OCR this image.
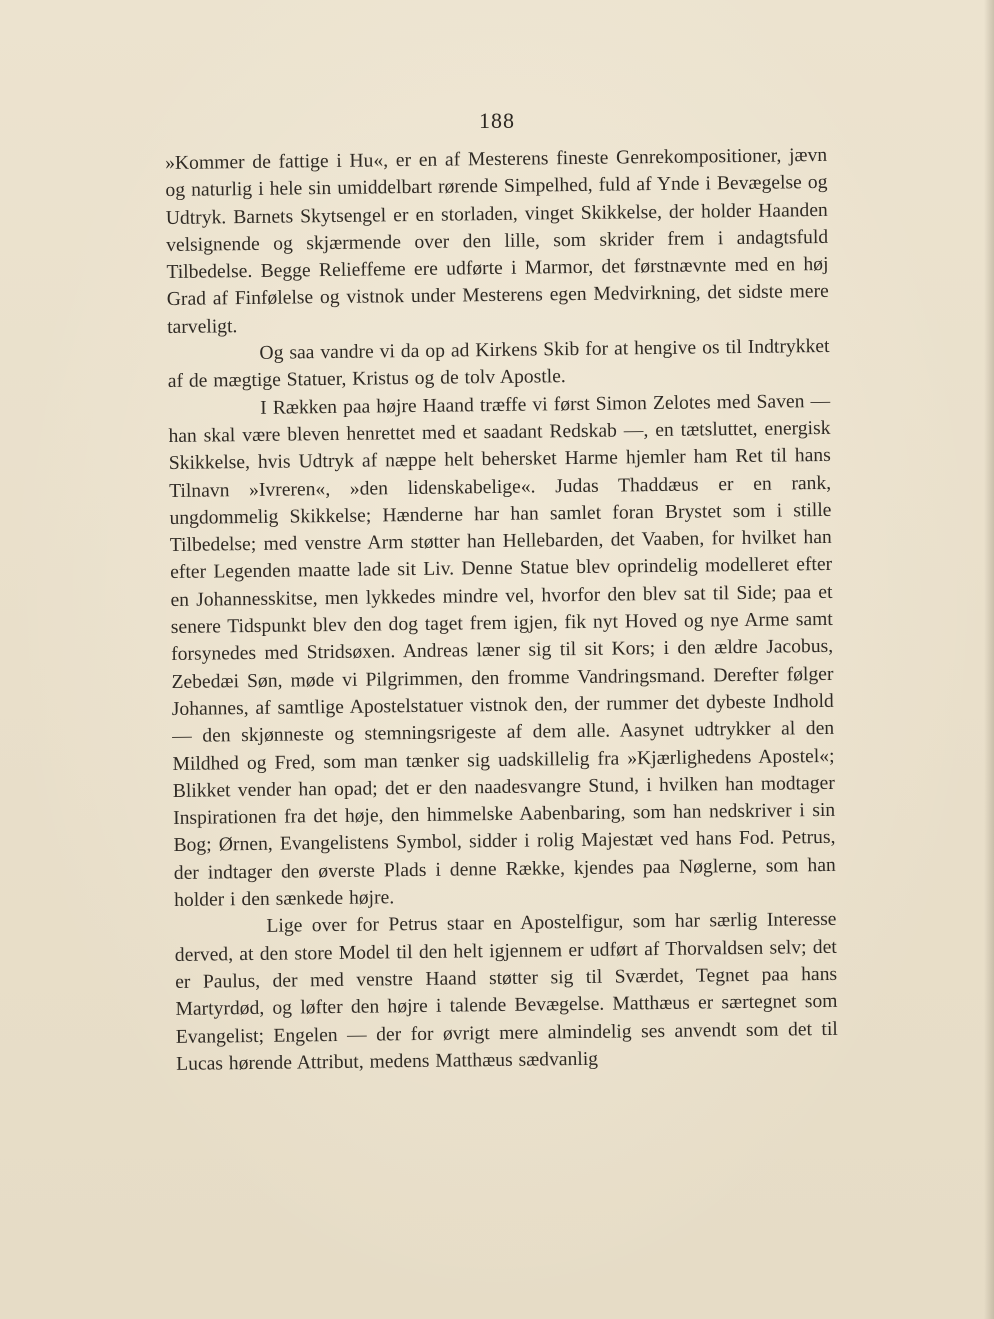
188

»Kommer de fattige i Hu«, er en af Mesterens fineste Genrekompositioner, jævn og naturlig i hele sin umiddelbart rørende Simpelhed, fuld af Ynde i Bevægelse og Udtryk. Barnets Skytsengel er en storladen, vinget Skikkelse, der holder Haanden velsignende og skjærmende over den lille, som skrider frem i andagtsfuld Tilbedelse. Begge Relieffeme ere udførte i Marmor, det førstnævnte med en høj Grad af Finfølelse og vistnok under Mesterens egen Medvirkning, det sidste mere tarveligt.

Og saa vandre vi da op ad Kirkens Skib for at hengive os til Indtrykket af de mægtige Statuer, Kristus og de tolv Apostle.

I Rækken paa højre Haand træffe vi først Simon Zelotes med Saven — han skal være bleven henrettet med et saadant Redskab —, en tætsluttet, energisk Skikkelse, hvis Udtryk af næppe helt behersket Harme hjemler ham Ret til hans Tilnavn »Ivreren«, »den lidenskabelige«. Judas Thaddæus er en rank, ungdommelig Skikkelse; Hænderne har han samlet foran Brystet som i stille Tilbedelse; med venstre Arm støtter han Hellebarden, det Vaaben, for hvilket han efter Legenden maatte lade sit Liv. Denne Statue blev oprindelig modelleret efter en Johannesskitse, men lykkedes mindre vel, hvorfor den blev sat til Side; paa et senere Tidspunkt blev den dog taget frem igjen, fik nyt Hoved og nye Arme samt forsynedes med Stridsøxen. Andreas læner sig til sit Kors; i den ældre Jacobus, Zebedæi Søn, møde vi Pilgrimmen, den fromme Vandringsmand. Derefter følger Johannes, af samtlige Apostelstatuer vistnok den, der rummer det dybeste Indhold — den skjønneste og stemningsrigeste af dem alle. Aasynet udtrykker al den Mildhed og Fred, som man tænker sig uadskillelig fra »Kjærlighedens Apostel«; Blikket vender han opad; det er den naadesvangre Stund, i hvilken han modtager Inspirationen fra det høje, den himmelske Aabenbaring, som han nedskriver i sin Bog; Ørnen, Evangelistens Symbol, sidder i rolig Majestæt ved hans Fod. Petrus, der indtager den øverste Plads i denne Række, kjendes paa Nøglerne, som han holder i den sænkede højre.

Lige over for Petrus staar en Apostelfigur, som har særlig Interesse derved, at den store Model til den helt igjennem er udført af Thorvaldsen selv; det er Paulus, der med venstre Haand støtter sig til Sværdet, Tegnet paa hans Martyrdød, og løfter den højre i talende Bevægelse. Matthæus er særtegnet som Evangelist; Engelen — der for øvrigt mere almindelig ses anvendt som det til Lucas hørende Attribut, medens Matthæus sædvanlig
